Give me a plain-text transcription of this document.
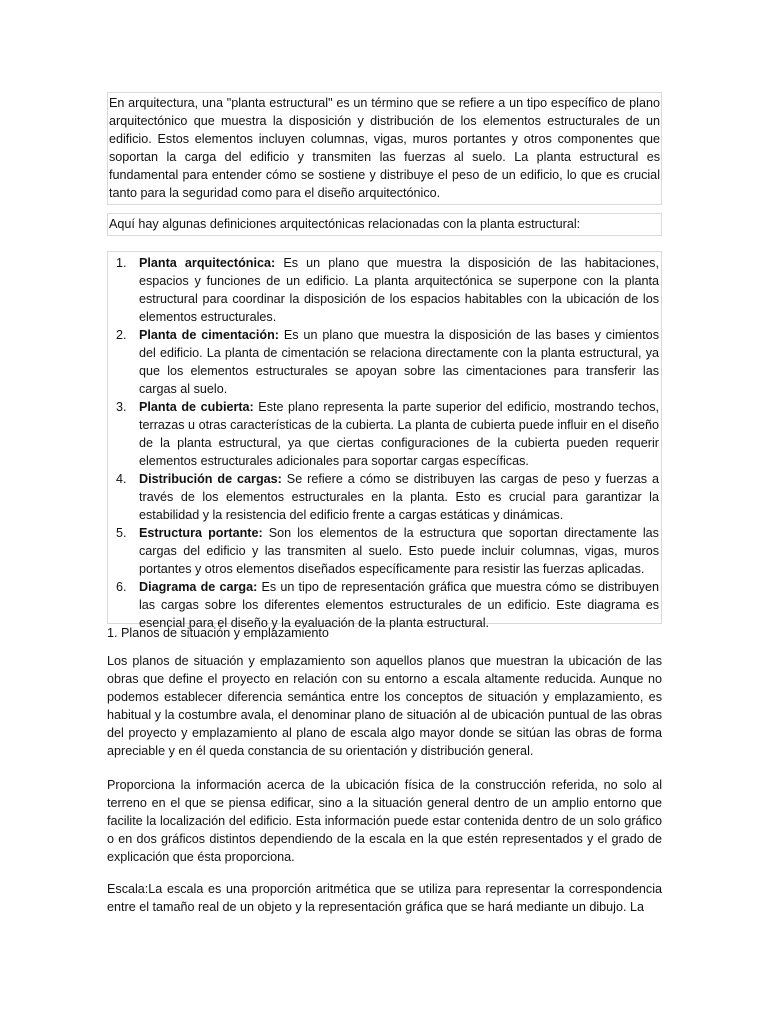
En arquitectura, una "planta estructural" es un término que se refiere a un tipo específico de plano arquitectónico que muestra la disposición y distribución de los elementos estructurales de un edificio. Estos elementos incluyen columnas, vigas, muros portantes y otros componentes que soportan la carga del edificio y transmiten las fuerzas al suelo. La planta estructural es fundamental para entender cómo se sostiene y distribuye el peso de un edificio, lo que es crucial tanto para la seguridad como para el diseño arquitectónico.

Aquí hay algunas definiciones arquitectónicas relacionadas con la planta estructural:

1. Planta arquitectónica: Es un plano que muestra la disposición de las habitaciones, espacios y funciones de un edificio. La planta arquitectónica se superpone con la planta estructural para coordinar la disposición de los espacios habitables con la ubicación de los elementos estructurales.
2. Planta de cimentación: Es un plano que muestra la disposición de las bases y cimientos del edificio. La planta de cimentación se relaciona directamente con la planta estructural, ya que los elementos estructurales se apoyan sobre las cimentaciones para transferir las cargas al suelo.
3. Planta de cubierta: Este plano representa la parte superior del edificio, mostrando techos, terrazas u otras características de la cubierta. La planta de cubierta puede influir en el diseño de la planta estructural, ya que ciertas configuraciones de la cubierta pueden requerir elementos estructurales adicionales para soportar cargas específicas.
4. Distribución de cargas: Se refiere a cómo se distribuyen las cargas de peso y fuerzas a través de los elementos estructurales en la planta. Esto es crucial para garantizar la estabilidad y la resistencia del edificio frente a cargas estáticas y dinámicas.
5. Estructura portante: Son los elementos de la estructura que soportan directamente las cargas del edificio y las transmiten al suelo. Esto puede incluir columnas, vigas, muros portantes y otros elementos diseñados específicamente para resistir las fuerzas aplicadas.
6. Diagrama de carga: Es un tipo de representación gráfica que muestra cómo se distribuyen las cargas sobre los diferentes elementos estructurales de un edificio. Este diagrama es esencial para el diseño y la evaluación de la planta estructural.

1. Planos de situación y emplazamiento

Los planos de situación y emplazamiento son aquellos planos que muestran la ubicación de las obras que define el proyecto en relación con su entorno a escala altamente reducida. Aunque no podemos establecer diferencia semántica entre los conceptos de situación y emplazamiento, es habitual y la costumbre avala, el denominar plano de situación al de ubicación puntual de las obras del proyecto y emplazamiento al plano de escala algo mayor donde se sitúan las obras de forma apreciable y en él queda constancia de su orientación y distribución general.

Proporciona la información acerca de la ubicación física de la construcción referida, no solo al terreno en el que se piensa edificar, sino a la situación general dentro de un amplio entorno que facilite la localización del edificio. Esta información puede estar contenida dentro de un solo gráfico o en dos gráficos distintos dependiendo de la escala en la que estén representados y el grado de explicación que ésta proporciona.

Escala:La escala es una proporción aritmética que se utiliza para representar la correspondencia entre el tamaño real de un objeto y la representación gráfica que se hará mediante un dibujo. La
